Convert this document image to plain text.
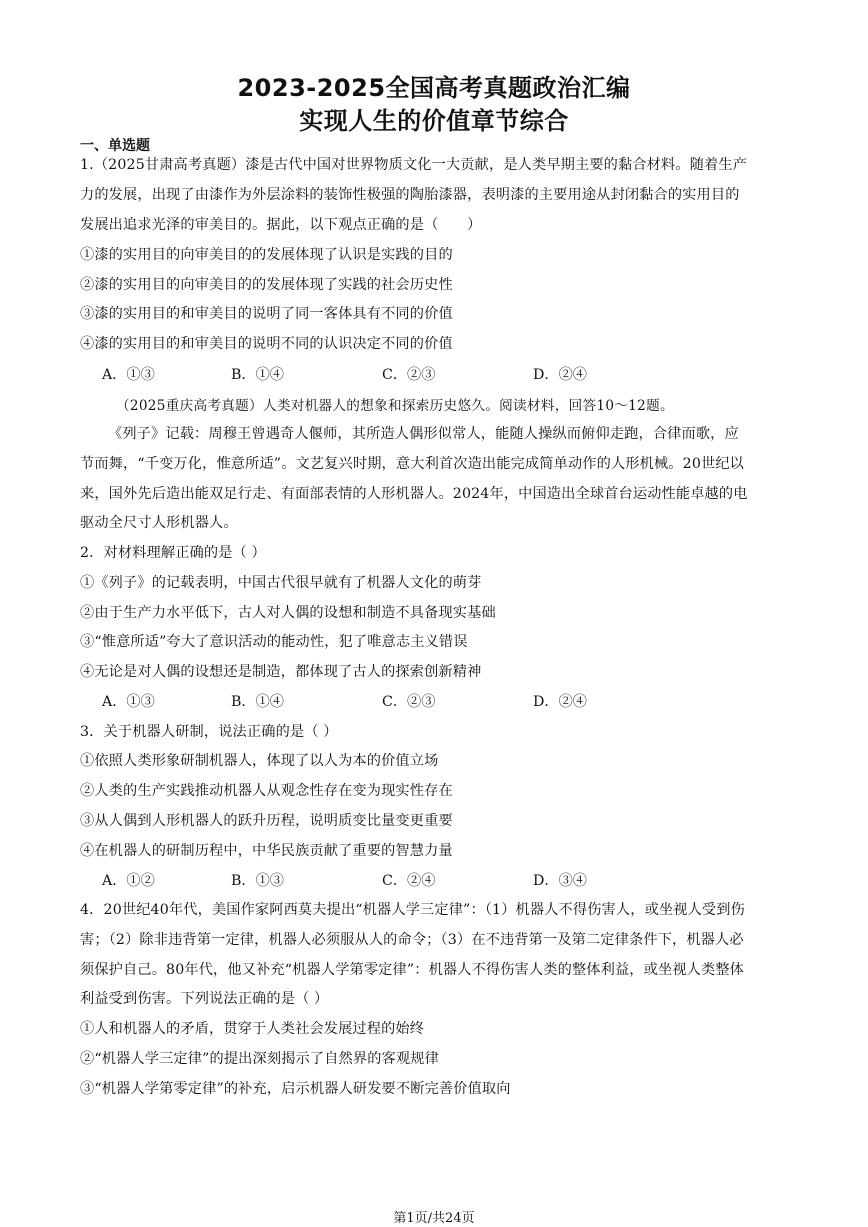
2023-2025全国高考真题政治汇编
实现人生的价值章节综合
一、单选题
1.（2025甘肃高考真题）漆是古代中国对世界物质文化一大贡献，是人类早期主要的黏合材料。随着生产
力的发展，出现了由漆作为外层涂料的装饰性极强的陶胎漆器，表明漆的主要用途从封闭黏合的实用目的
发展出追求光泽的审美目的。据此，以下观点正确的是（　　）
①漆的实用目的向审美目的的发展体现了认识是实践的目的
②漆的实用目的向审美目的的发展体现了实践的社会历史性
③漆的实用目的和审美目的说明了同一客体具有不同的价值
④漆的实用目的和审美目的说明不同的认识决定不同的价值
A．①③	B．①④	C．②③	D．②④
（2025重庆高考真题）人类对机器人的想象和探索历史悠久。阅读材料，回答10～12题。
《列子》记载：周穆王曾遇奇人偃师，其所造人偶形似常人，能随人操纵而俯仰走跑，合律而歌，应
节而舞，“千变万化，惟意所适”。文艺复兴时期，意大利首次造出能完成简单动作的人形机械。20世纪以
来，国外先后造出能双足行走、有面部表情的人形机器人。2024年，中国造出全球首台运动性能卓越的电
驱动全尺寸人形机器人。
2．对材料理解正确的是（ ）
①《列子》的记载表明，中国古代很早就有了机器人文化的萌芽
②由于生产力水平低下，古人对人偶的设想和制造不具备现实基础
③“惟意所适”夸大了意识活动的能动性，犯了唯意志主义错误
④无论是对人偶的设想还是制造，都体现了古人的探索创新精神
A．①③	B．①④	C．②③	D．②④
3．关于机器人研制，说法正确的是（ ）
①依照人类形象研制机器人，体现了以人为本的价值立场
②人类的生产实践推动机器人从观念性存在变为现实性存在
③从人偶到人形机器人的跃升历程，说明质变比量变更重要
④在机器人的研制历程中，中华民族贡献了重要的智慧力量
A．①②	B．①③	C．②④	D．③④
4．20世纪40年代，美国作家阿西莫夫提出“机器人学三定律”：（1）机器人不得伤害人，或坐视人受到伤
害；（2）除非违背第一定律，机器人必须服从人的命令；（3）在不违背第一及第二定律条件下，机器人必
须保护自己。80年代，他又补充“机器人学第零定律”：机器人不得伤害人类的整体利益，或坐视人类整体
利益受到伤害。下列说法正确的是（ ）
①人和机器人的矛盾，贯穿于人类社会发展过程的始终
②“机器人学三定律”的提出深刻揭示了自然界的客观规律
③“机器人学第零定律”的补充，启示机器人研发要不断完善价值取向
第1页/共24页
